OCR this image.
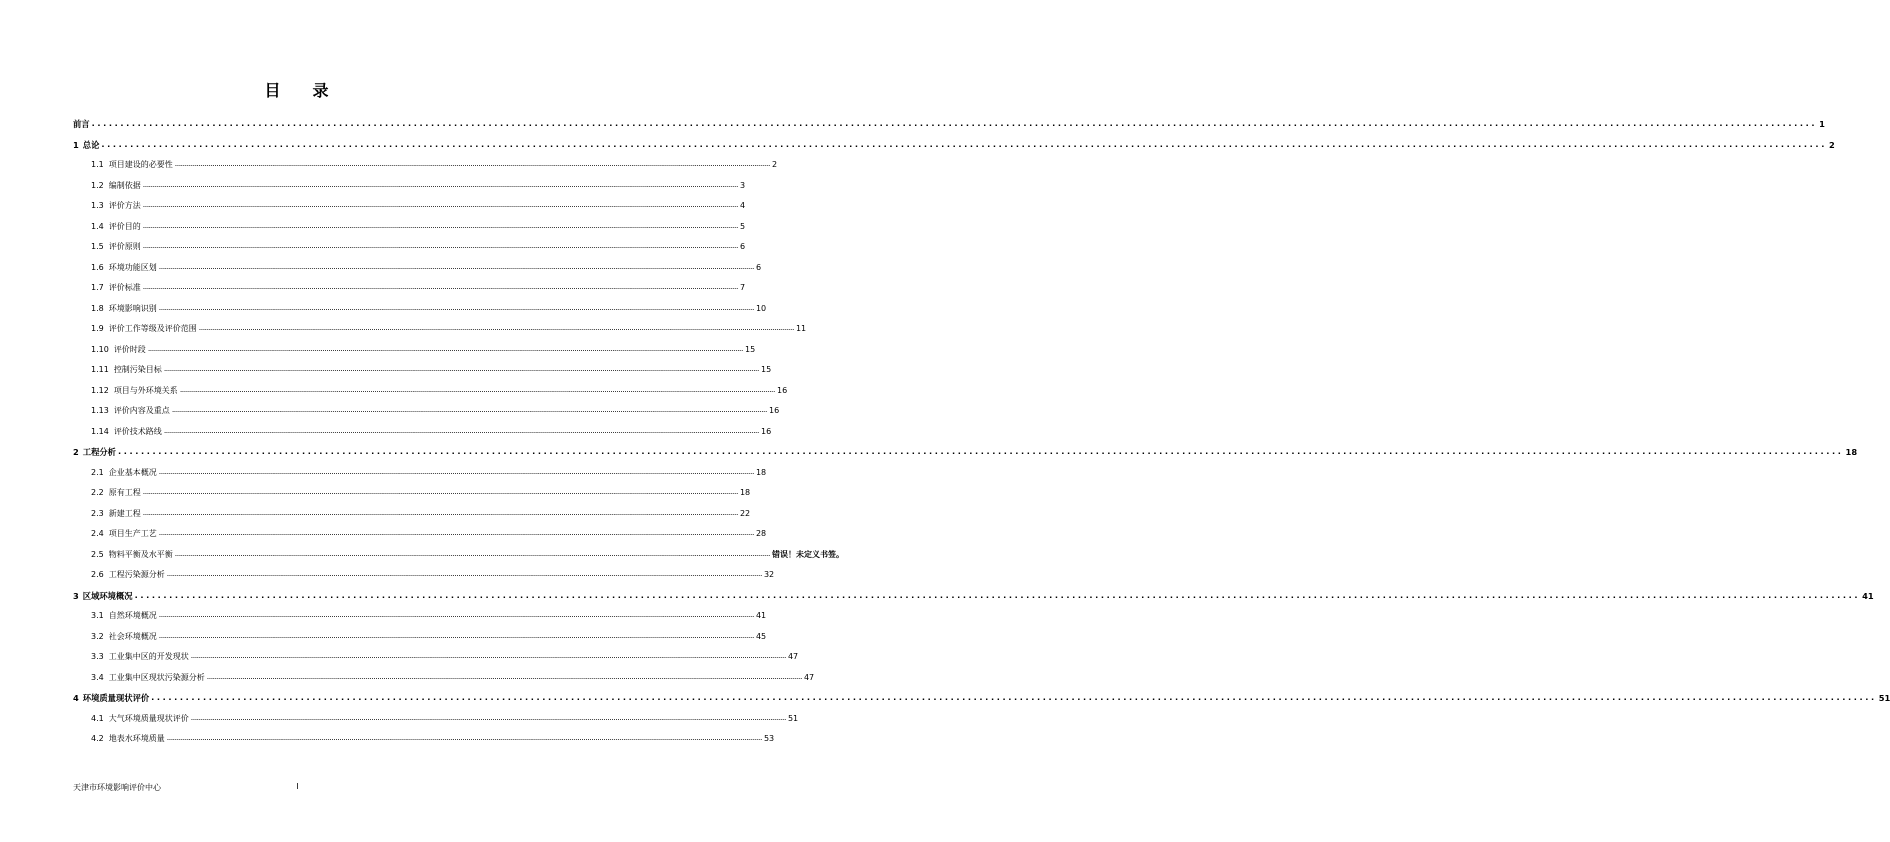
目 录
前言 ............................................................................................................................................................................................................................................................................................................ 1
1 总论 ............................................................................................................................................................................................................................................................................................................ 2
1.1 项目建设的必要性 ............................................................................................................................................................................................................................................................................................................ 2
1.2 编制依据 ............................................................................................................................................................................................................................................................................................................ 3
1.3 评价方法 ............................................................................................................................................................................................................................................................................................................ 4
1.4 评价目的 ............................................................................................................................................................................................................................................................................................................ 5
1.5 评价原则 ............................................................................................................................................................................................................................................................................................................ 6
1.6 环境功能区划 ............................................................................................................................................................................................................................................................................................................ 6
1.7 评价标准 ............................................................................................................................................................................................................................................................................................................ 7
1.8 环境影响识别 ............................................................................................................................................................................................................................................................................................................ 10
1.9 评价工作等级及评价范围 ............................................................................................................................................................................................................................................................................................................ 11
1.10 评价时段 ............................................................................................................................................................................................................................................................................................................ 15
1.11 控制污染目标 ............................................................................................................................................................................................................................................................................................................ 15
1.12 项目与外环境关系 ............................................................................................................................................................................................................................................................................................................ 16
1.13 评价内容及重点 ............................................................................................................................................................................................................................................................................................................ 16
1.14 评价技术路线 ............................................................................................................................................................................................................................................................................................................ 16
2 工程分析 ............................................................................................................................................................................................................................................................................................................ 18
2.1 企业基本概况 ............................................................................................................................................................................................................................................................................................................ 18
2.2 原有工程 ............................................................................................................................................................................................................................................................................................................ 18
2.3 新建工程 ............................................................................................................................................................................................................................................................................................................ 22
2.4 项目生产工艺 ............................................................................................................................................................................................................................................................................................................ 28
2.5 物料平衡及水平衡 ............................................................................................................................................................................................................................................................................................................ 错误！未定义书签。
2.6 工程污染源分析 ............................................................................................................................................................................................................................................................................................................ 32
3 区域环境概况 ............................................................................................................................................................................................................................................................................................................ 41
3.1 自然环境概况 ............................................................................................................................................................................................................................................................................................................ 41
3.2 社会环境概况 ............................................................................................................................................................................................................................................................................................................ 45
3.3 工业集中区的开发现状 ............................................................................................................................................................................................................................................................................................................ 47
3.4 工业集中区现状污染源分析 ............................................................................................................................................................................................................................................................................................................ 47
4 环境质量现状评价 ............................................................................................................................................................................................................................................................................................................ 51
4.1 大气环境质量现状评价 ............................................................................................................................................................................................................................................................................................................ 51
4.2 地表水环境质量 ............................................................................................................................................................................................................................................................................................................ 53
天津市环境影响评价中心	I
